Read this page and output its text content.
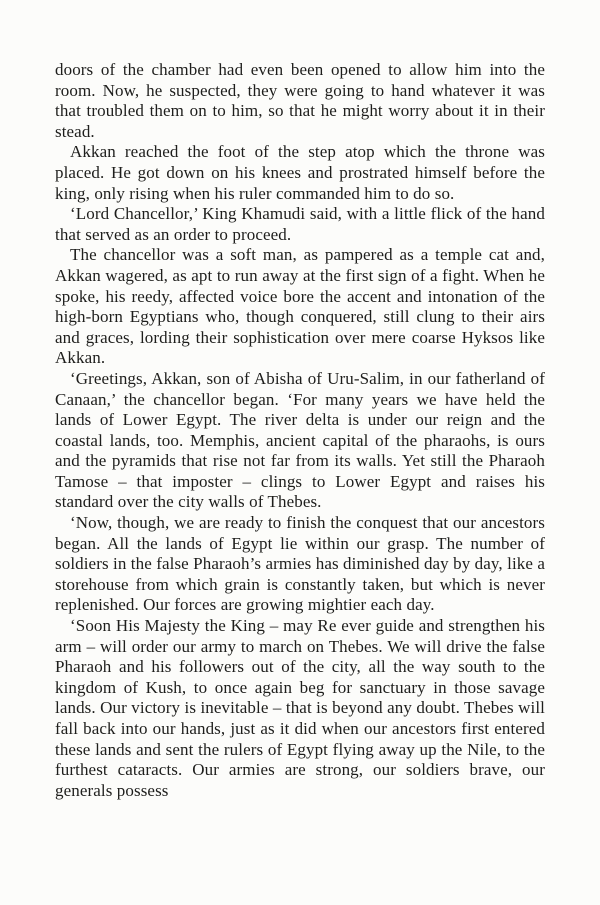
doors of the chamber had even been opened to allow him into the room. Now, he suspected, they were going to hand whatever it was that troubled them on to him, so that he might worry about it in their stead.

Akkan reached the foot of the step atop which the throne was placed. He got down on his knees and prostrated himself before the king, only rising when his ruler commanded him to do so.

‘Lord Chancellor,’ King Khamudi said, with a little flick of the hand that served as an order to proceed.

The chancellor was a soft man, as pampered as a temple cat and, Akkan wagered, as apt to run away at the first sign of a fight. When he spoke, his reedy, affected voice bore the accent and intonation of the high-born Egyptians who, though conquered, still clung to their airs and graces, lording their sophistication over mere coarse Hyksos like Akkan.

‘Greetings, Akkan, son of Abisha of Uru-Salim, in our fatherland of Canaan,’ the chancellor began. ‘For many years we have held the lands of Lower Egypt. The river delta is under our reign and the coastal lands, too. Memphis, ancient capital of the pharaohs, is ours and the pyramids that rise not far from its walls. Yet still the Pharaoh Tamose – that imposter – clings to Lower Egypt and raises his standard over the city walls of Thebes.

‘Now, though, we are ready to finish the conquest that our ancestors began. All the lands of Egypt lie within our grasp. The number of soldiers in the false Pharaoh’s armies has diminished day by day, like a storehouse from which grain is constantly taken, but which is never replenished. Our forces are growing mightier each day.

‘Soon His Majesty the King – may Re ever guide and strengthen his arm – will order our army to march on Thebes. We will drive the false Pharaoh and his followers out of the city, all the way south to the kingdom of Kush, to once again beg for sanctuary in those savage lands. Our victory is inevitable – that is beyond any doubt. Thebes will fall back into our hands, just as it did when our ancestors first entered these lands and sent the rulers of Egypt flying away up the Nile, to the furthest cataracts. Our armies are strong, our soldiers brave, our generals possess
